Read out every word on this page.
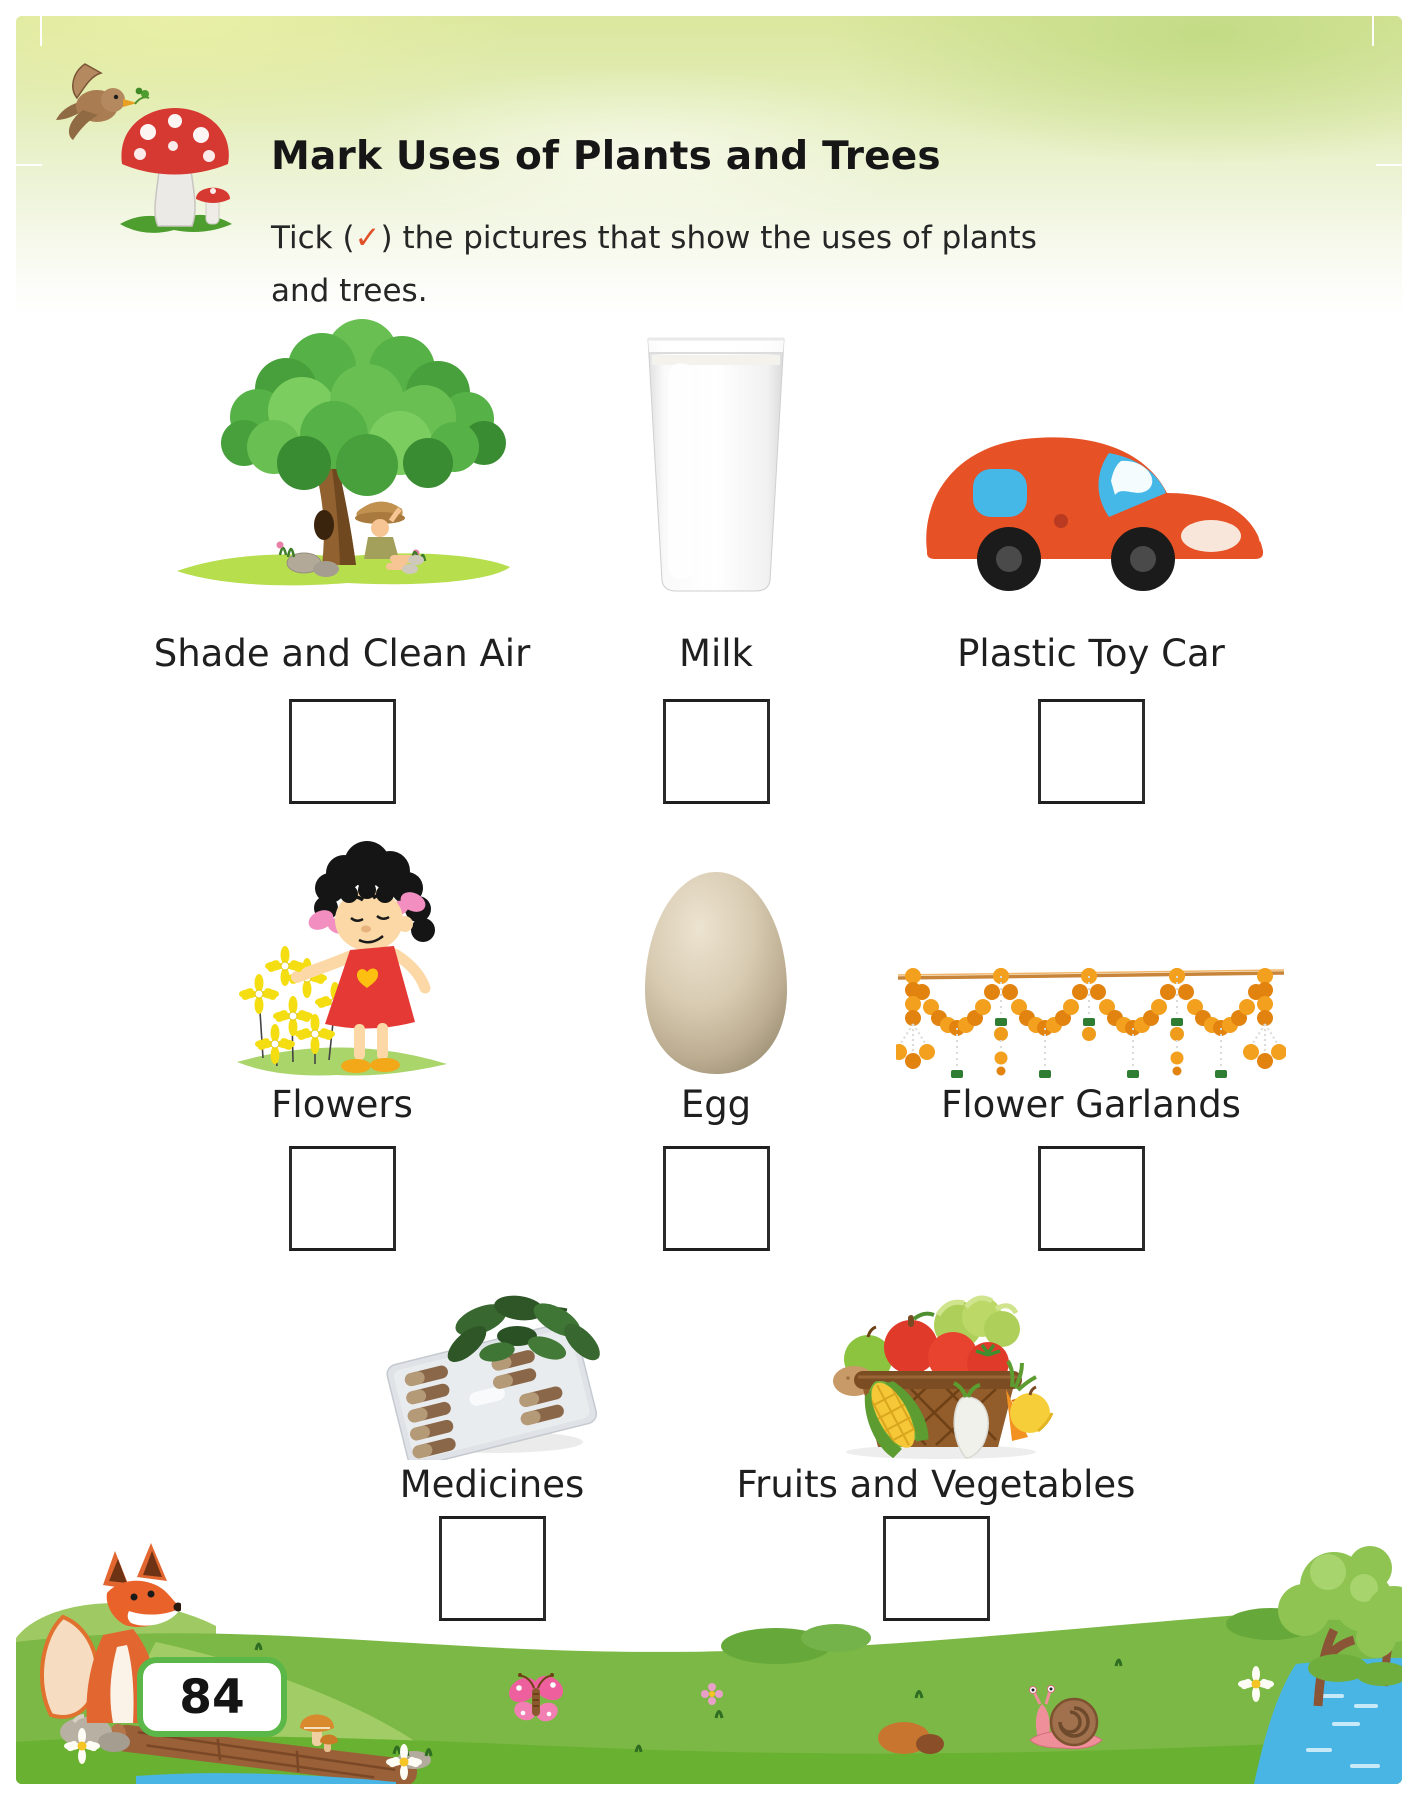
Mark Uses of Plants and Trees
Tick (✓) the pictures that show the uses of plants
and trees.
Shade and Clean Air	Milk	Plastic Toy Car
Flowers	Egg	Flower Garlands
Medicines	Fruits and Vegetables
84
